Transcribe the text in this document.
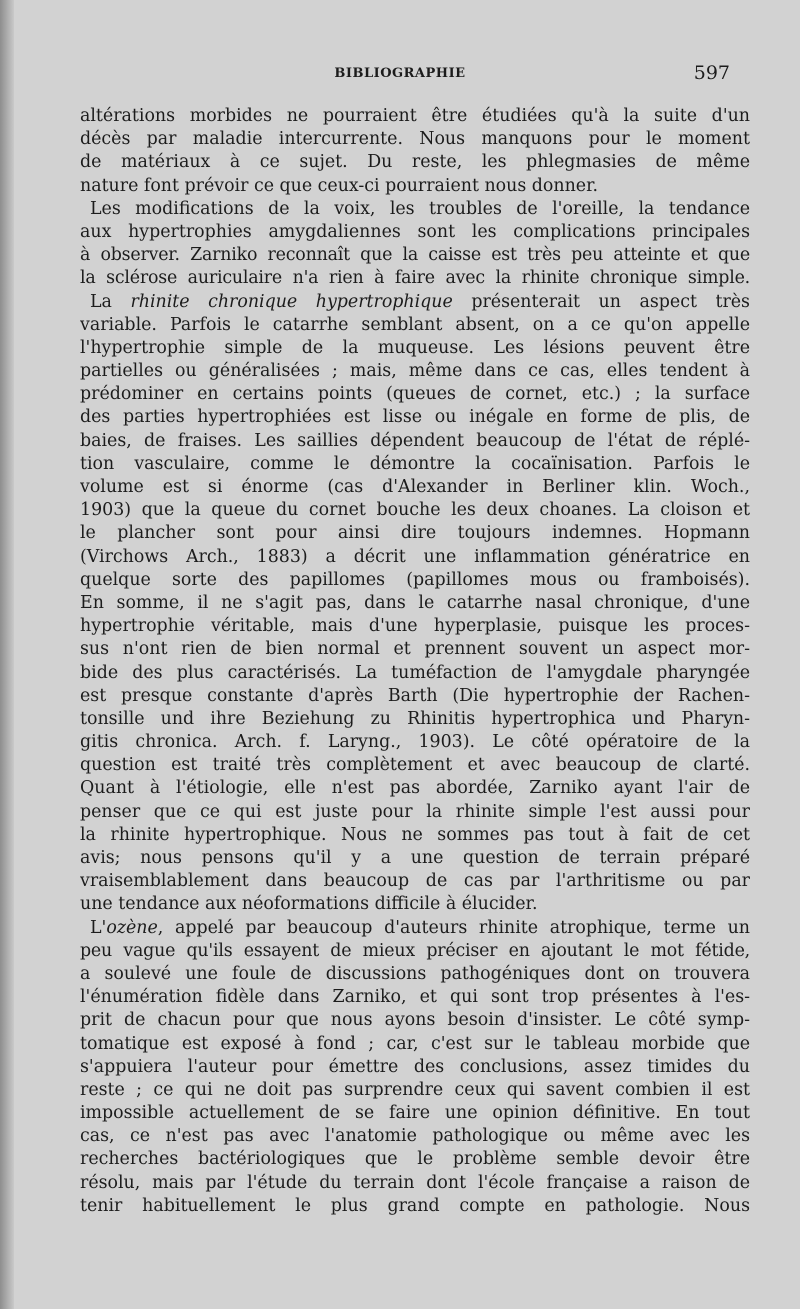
BIBLIOGRAPHIE	597
altérations morbides ne pourraient être étudiées qu'à la suite d'un
décès par maladie intercurrente. Nous manquons pour le moment
de matériaux à ce sujet. Du reste, les phlegmasies de même
nature font prévoir ce que ceux-ci pourraient nous donner.
Les modifications de la voix, les troubles de l'oreille, la tendance
aux hypertrophies amygdaliennes sont les complications principales
à observer. Zarniko reconnaît que la caisse est très peu atteinte et que
la sclérose auriculaire n'a rien à faire avec la rhinite chronique simple.
La rhinite chronique hypertrophique présenterait un aspect très
variable. Parfois le catarrhe semblant absent, on a ce qu'on appelle
l'hypertrophie simple de la muqueuse. Les lésions peuvent être
partielles ou généralisées ; mais, même dans ce cas, elles tendent à
prédominer en certains points (queues de cornet, etc.) ; la surface
des parties hypertrophiées est lisse ou inégale en forme de plis, de
baies, de fraises. Les saillies dépendent beaucoup de l'état de réplé-
tion vasculaire, comme le démontre la cocaïnisation. Parfois le
volume est si énorme (cas d'Alexander in Berliner klin. Woch.,
1903) que la queue du cornet bouche les deux choanes. La cloison et
le plancher sont pour ainsi dire toujours indemnes. Hopmann
(Virchows Arch., 1883) a décrit une inflammation génératrice en
quelque sorte des papillomes (papillomes mous ou framboisés).
En somme, il ne s'agit pas, dans le catarrhe nasal chronique, d'une
hypertrophie véritable, mais d'une hyperplasie, puisque les proces-
sus n'ont rien de bien normal et prennent souvent un aspect mor-
bide des plus caractérisés. La tuméfaction de l'amygdale pharyngée
est presque constante d'après Barth (Die hypertrophie der Rachen-
tonsille und ihre Beziehung zu Rhinitis hypertrophica und Pharyn-
gitis chronica. Arch. f. Laryng., 1903). Le côté opératoire de la
question est traité très complètement et avec beaucoup de clarté.
Quant à l'étiologie, elle n'est pas abordée, Zarniko ayant l'air de
penser que ce qui est juste pour la rhinite simple l'est aussi pour
la rhinite hypertrophique. Nous ne sommes pas tout à fait de cet
avis; nous pensons qu'il y a une question de terrain préparé
vraisemblablement dans beaucoup de cas par l'arthritisme ou par
une tendance aux néoformations difficile à élucider.
L'ozène, appelé par beaucoup d'auteurs rhinite atrophique, terme un
peu vague qu'ils essayent de mieux préciser en ajoutant le mot fétide,
a soulevé une foule de discussions pathogéniques dont on trouvera
l'énumération fidèle dans Zarniko, et qui sont trop présentes à l'es-
prit de chacun pour que nous ayons besoin d'insister. Le côté symp-
tomatique est exposé à fond ; car, c'est sur le tableau morbide que
s'appuiera l'auteur pour émettre des conclusions, assez timides du
reste ; ce qui ne doit pas surprendre ceux qui savent combien il est
impossible actuellement de se faire une opinion définitive. En tout
cas, ce n'est pas avec l'anatomie pathologique ou même avec les
recherches bactériologiques que le problème semble devoir être
résolu, mais par l'étude du terrain dont l'école française a raison de
tenir habituellement le plus grand compte en pathologie. Nous
